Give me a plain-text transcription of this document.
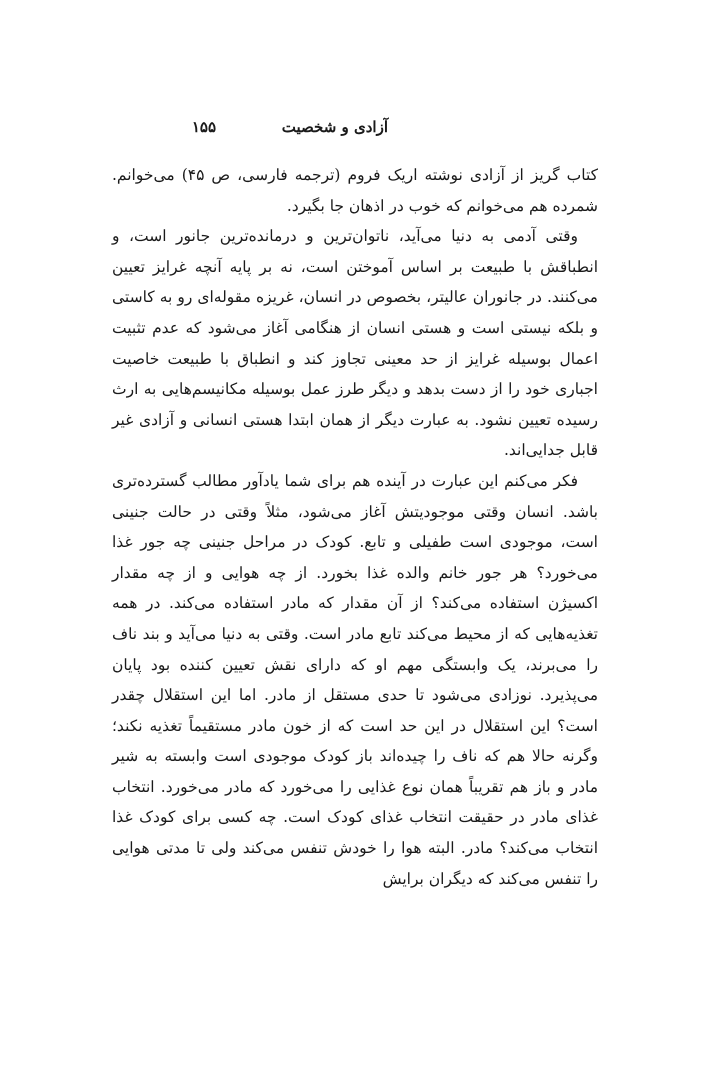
آزادی و شخصیت
۱۵۵

کتاب گریز از آزادی نوشته اریک فروم (ترجمه فارسی، ص ۴۵) می‌خوانم. شمرده هم می‌خوانم که خوب در اذهان جا بگیرد.

وقتی آدمی به دنیا می‌آید، ناتوان‌ترین و درمانده‌ترین جانور است، و انطباقش با طبیعت بر اساس آموختن است، نه بر پایه آنچه غرایز تعیین می‌کنند. در جانوران عالیتر، بخصوص در انسان، غریزه مقوله‌ای رو به کاستی و بلکه نیستی است و هستی انسان از هنگامی آغاز می‌شود که عدم تثبیت اعمال بوسیله غرایز از حد معینی تجاوز کند و انطباق با طبیعت خاصیت اجباری خود را از دست بدهد و دیگر طرز عمل بوسیله مکانیسم‌هایی به ارث رسیده تعیین نشود. به عبارت دیگر از همان ابتدا هستی انسانی و آزادی غیر قابل جدایی‌اند.

فکر می‌کنم این عبارت در آینده هم برای شما یادآور مطالب گسترده‌تری باشد. انسان وقتی موجودیتش آغاز می‌شود، مثلاً وقتی در حالت جنینی است، موجودی است طفیلی و تابع. کودک در مراحل جنینی چه جور غذا می‌خورد؟ هر جور خانم والده غذا بخورد. از چه هوایی و از چه مقدار اکسیژن استفاده می‌کند؟ از آن مقدار که مادر استفاده می‌کند. در همه تغذیه‌هایی که از محیط می‌کند تابع مادر است. وقتی به دنیا می‌آید و بند ناف را می‌برند، یک وابستگی مهم او که دارای نقش تعیین کننده بود پایان می‌پذیرد. نوزادی می‌شود تا حدی مستقل از مادر. اما این استقلال چقدر است؟ این استقلال در این حد است که از خون مادر مستقیماً تغذیه نکند؛ وگرنه حالا هم که ناف را چیده‌اند باز کودک موجودی است وابسته به شیر مادر و باز هم تقریباً همان نوع غذایی را می‌خورد که مادر می‌خورد. انتخاب غذای مادر در حقیقت انتخاب غذای کودک است. چه کسی برای کودک غذا انتخاب می‌کند؟ مادر. البته هوا را خودش تنفس می‌کند ولی تا مدتی هوایی را تنفس می‌کند که دیگران برایش
